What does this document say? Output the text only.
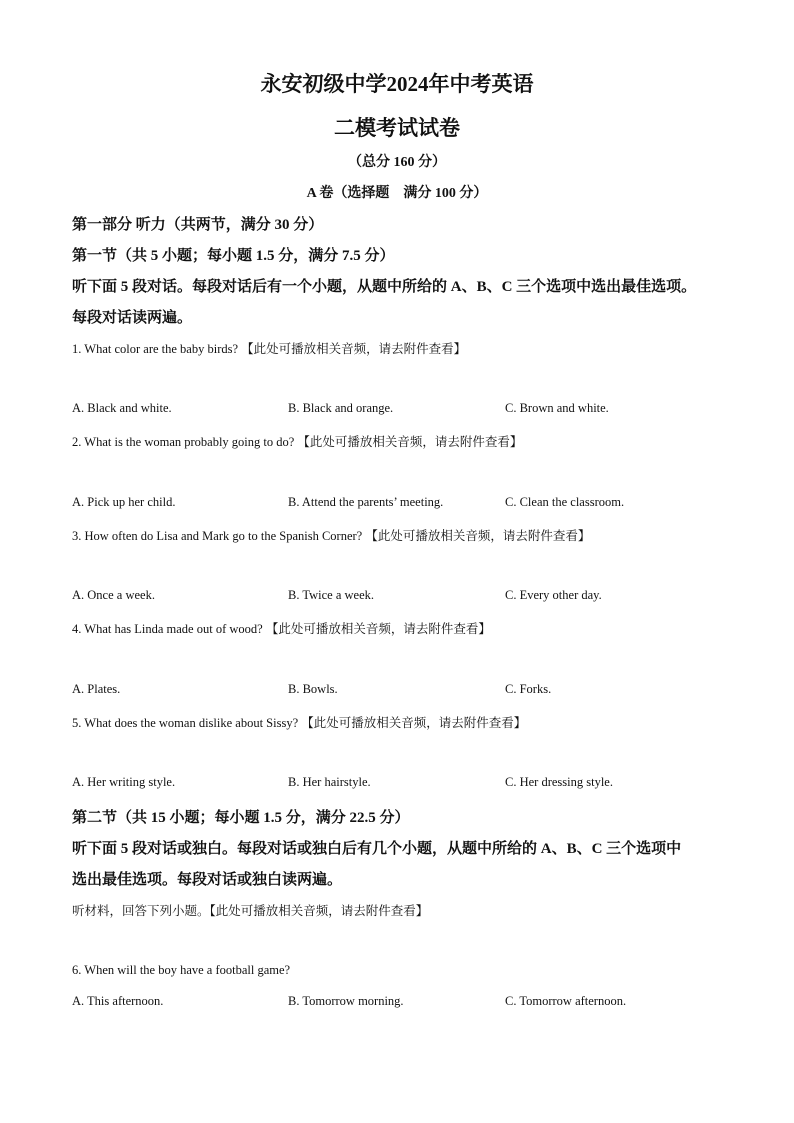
永安初级中学2024年中考英语
二模考试试卷
（总分 160 分）
A 卷（选择题　满分 100 分）
第一部分 听力（共两节，满分 30 分）
第一节（共 5 小题；每小题 1.5 分，满分 7.5 分）
听下面 5 段对话。每段对话后有一个小题，从题中所给的 A、B、C 三个选项中选出最佳选项。
每段对话读两遍。
1. What color are the baby birds? 【此处可播放相关音频，请去附件查看】
A. Black and white.	B. Black and orange.	C. Brown and white.
2. What is the woman probably going to do? 【此处可播放相关音频，请去附件查看】
A. Pick up her child.	B. Attend the parents’ meeting.	C. Clean the classroom.
3. How often do Lisa and Mark go to the Spanish Corner? 【此处可播放相关音频，请去附件查看】
A. Once a week.	B. Twice a week.	C. Every other day.
4. What has Linda made out of wood? 【此处可播放相关音频，请去附件查看】
A. Plates.	B. Bowls.	C. Forks.
5. What does the woman dislike about Sissy? 【此处可播放相关音频，请去附件查看】
A. Her writing style.	B. Her hairstyle.	C. Her dressing style.
第二节（共 15 小题；每小题 1.5 分，满分 22.5 分）
听下面 5 段对话或独白。每段对话或独白后有几个小题，从题中所给的 A、B、C 三个选项中
选出最佳选项。每段对话或独白读两遍。
听材料，回答下列小题。【此处可播放相关音频，请去附件查看】
6. When will the boy have a football game?
A. This afternoon.	B. Tomorrow morning.	C. Tomorrow afternoon.
